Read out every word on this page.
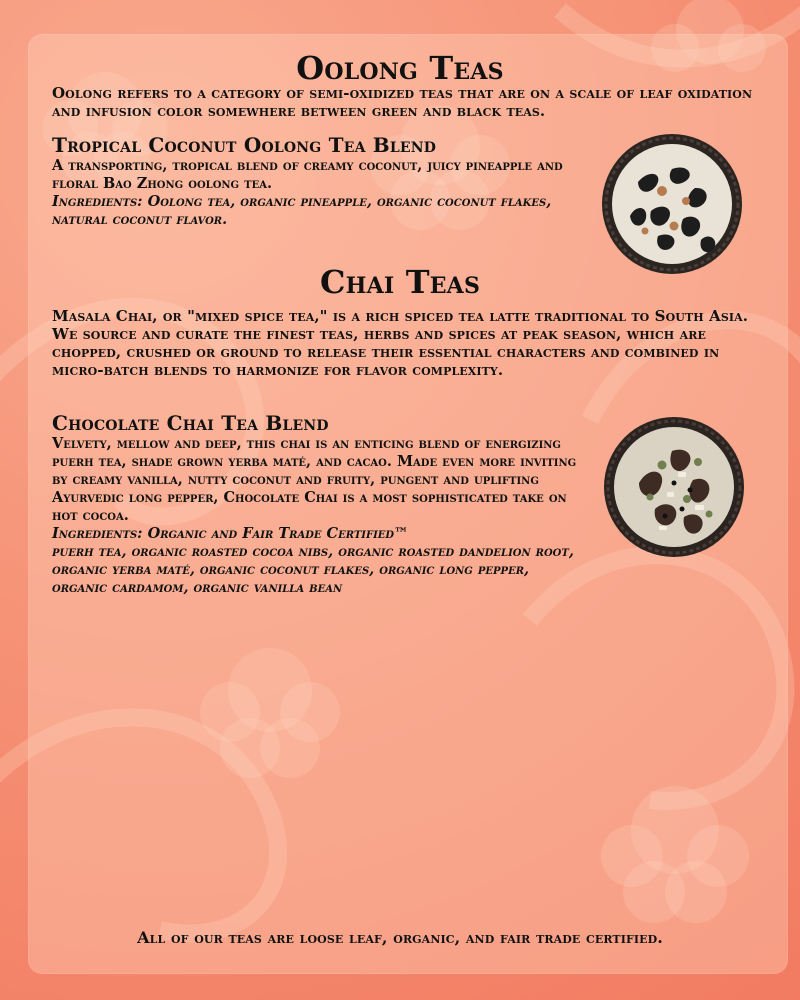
Oolong Teas

Oolong refers to a category of semi-oxidized teas that are on a scale of leaf oxidation and infusion color somewhere between green and black teas.

Tropical Coconut Oolong Tea Blend

A transporting, tropical blend of creamy coconut, juicy pineapple and floral Bao Zhong oolong tea.

Ingredients: Oolong tea, organic pineapple, organic coconut flakes, natural coconut flavor.

Chai Teas

Masala Chai, or "mixed spice tea," is a rich spiced tea latte traditional to South Asia. We source and curate the finest teas, herbs and spices at peak season, which are chopped, crushed or ground to release their essential characters and combined in micro-batch blends to harmonize for flavor complexity.

Chocolate Chai Tea Blend

Velvety, mellow and deep, this chai is an enticing blend of energizing puerh tea, shade grown yerba maté, and cacao. Made even more inviting by creamy vanilla, nutty coconut and fruity, pungent and uplifting Ayurvedic long pepper, Chocolate Chai is a most sophisticated take on hot cocoa.

Ingredients: Organic and Fair Trade Certified™

puerh tea, organic roasted cocoa nibs, organic roasted dandelion root, organic yerba maté, organic coconut flakes, organic long pepper, organic cardamom, organic vanilla bean

All of our teas are loose leaf, organic, and fair trade certified.
